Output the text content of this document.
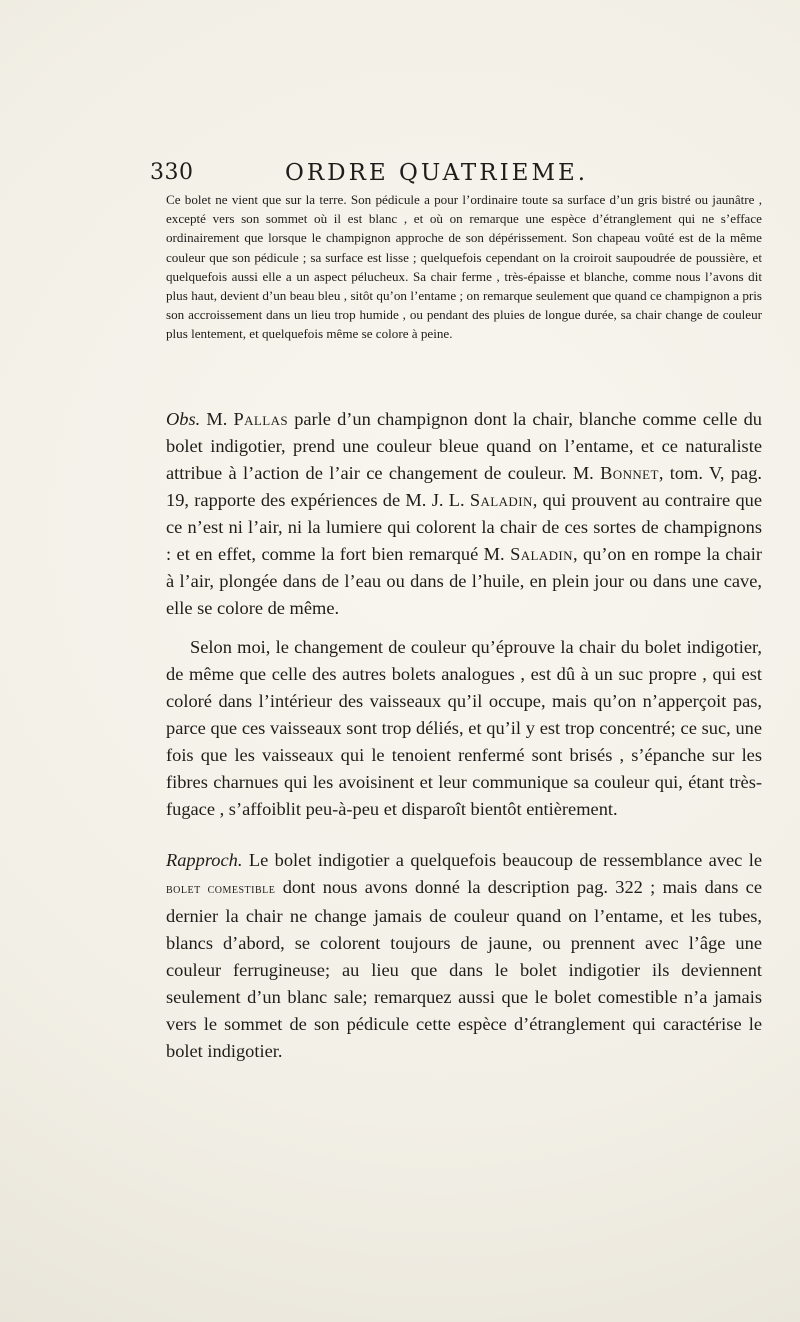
330	ORDRE QUATRIEME.

Ce bolet ne vient que sur la terre. Son pédicule a pour l’ordinaire toute sa surface d’un gris bistré ou jaunâtre , excepté vers son sommet où il est blanc , et où on remarque une espèce d’étranglement qui ne s’efface ordinairement que lorsque le champignon approche de son dépérissement. Son chapeau voûté est de la même couleur que son pédicule ; sa surface est lisse ; quelquefois cependant on la croiroit saupoudrée de poussière, et quelquefois aussi elle a un aspect pélucheux. Sa chair ferme , très-épaisse et blanche, comme nous l’avons dit plus haut, devient d’un beau bleu , sitôt qu’on l’entame ; on remarque seulement que quand ce champignon a pris son accroissement dans un lieu trop humide , ou pendant des pluies de longue durée, sa chair change de couleur plus lentement, et quelquefois même se colore à peine.

Obs. M. Pallas parle d’un champignon dont la chair, blanche comme celle du bolet indigotier, prend une couleur bleue quand on l’entame, et ce naturaliste attribue à l’action de l’air ce changement de couleur. M. Bonnet, tom. V, pag. 19, rapporte des expériences de M. J. L. Saladin, qui prouvent au contraire que ce n’est ni l’air, ni la lumiere qui colorent la chair de ces sortes de champignons : et en effet, comme la fort bien remarqué M. Saladin, qu’on en rompe la chair à l’air, plongée dans de l’eau ou dans de l’huile, en plein jour ou dans une cave, elle se colore de même.

Selon moi, le changement de couleur qu’éprouve la chair du bolet indigotier, de même que celle des autres bolets analogues , est dû à un suc propre , qui est coloré dans l’intérieur des vaisseaux qu’il occupe, mais qu’on n’apperçoit pas, parce que ces vaisseaux sont trop déliés, et qu’il y est trop concentré; ce suc, une fois que les vaisseaux qui le tenoient renfermé sont brisés , s’épanche sur les fibres charnues qui les avoisinent et leur communique sa couleur qui, étant très-fugace , s’affoiblit peu-à-peu et disparoît bientôt entièrement.

Rapproch. Le bolet indigotier a quelquefois beaucoup de ressemblance avec le bolet comestible dont nous avons donné la description pag. 322 ; mais dans ce dernier la chair ne change jamais de couleur quand on l’entame, et les tubes, blancs d’abord, se colorent toujours de jaune, ou prennent avec l’âge une couleur ferrugineuse; au lieu que dans le bolet indigotier ils deviennent seulement d’un blanc sale; remarquez aussi que le bolet comestible n’a jamais vers le sommet de son pédicule cette espèce d’étranglement qui caractérise le bolet indigotier.
